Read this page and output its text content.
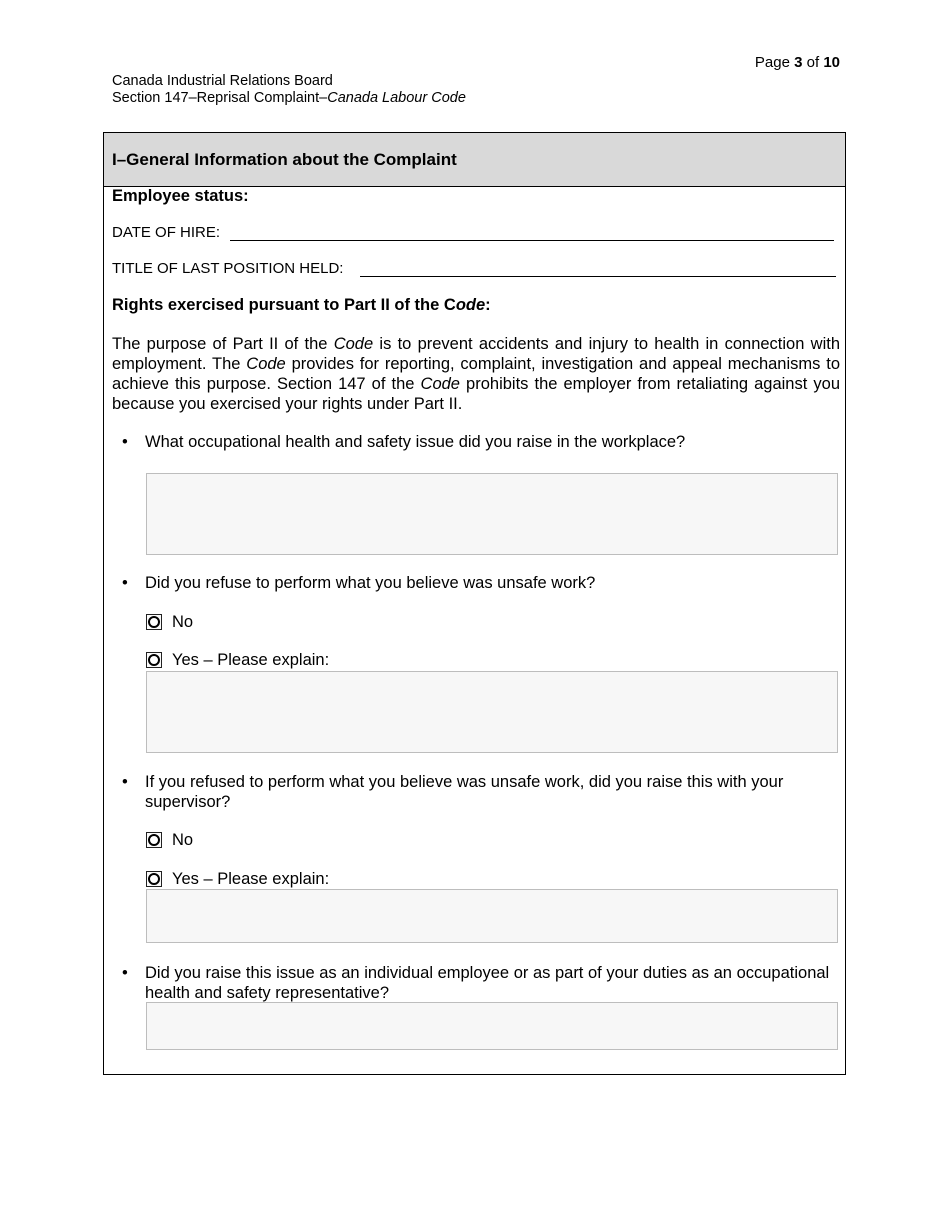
Page 3 of 10
Canada Industrial Relations Board
Section 147–Reprisal Complaint–Canada Labour Code
I–General Information about the Complaint
Employee status:
DATE OF HIRE:
TITLE OF LAST POSITION HELD:
Rights exercised pursuant to Part II of the Code:
The purpose of Part II of the Code is to prevent accidents and injury to health in connection with employment. The Code provides for reporting, complaint, investigation and appeal mechanisms to achieve this purpose. Section 147 of the Code prohibits the employer from retaliating against you because you exercised your rights under Part II.
• What occupational health and safety issue did you raise in the workplace?
• Did you refuse to perform what you believe was unsafe work?
No
Yes – Please explain:
• If you refused to perform what you believe was unsafe work, did you raise this with your supervisor?
No
Yes – Please explain:
• Did you raise this issue as an individual employee or as part of your duties as an occupational health and safety representative?
